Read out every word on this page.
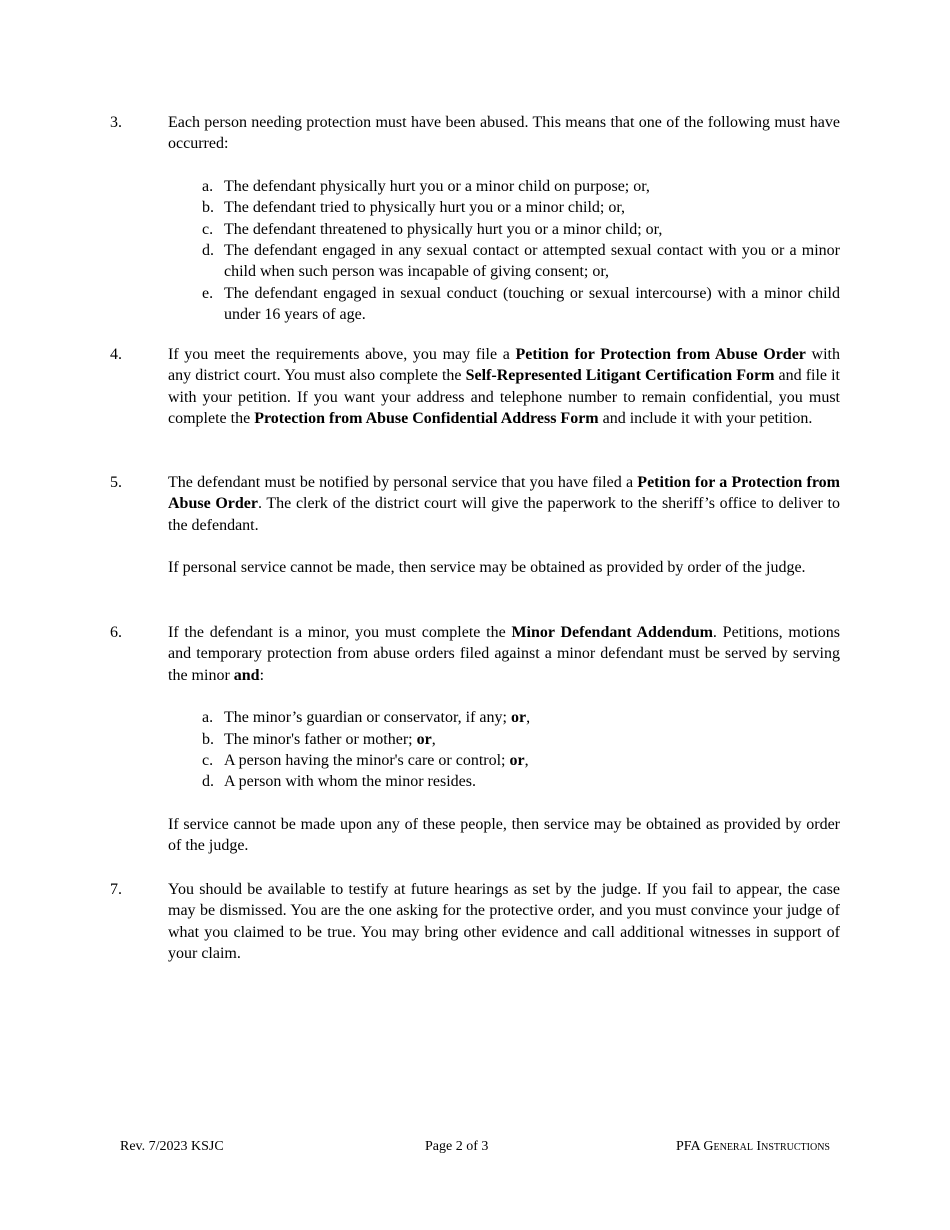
3.	Each person needing protection must have been abused. This means that one of the following must have occurred:

a. The defendant physically hurt you or a minor child on purpose; or,
b. The defendant tried to physically hurt you or a minor child; or,
c. The defendant threatened to physically hurt you or a minor child; or,
d. The defendant engaged in any sexual contact or attempted sexual contact with you or a minor child when such person was incapable of giving consent; or,
e. The defendant engaged in sexual conduct (touching or sexual intercourse) with a minor child under 16 years of age.
4.	If you meet the requirements above, you may file a Petition for Protection from Abuse Order with any district court. You must also complete the Self-Represented Litigant Certification Form and file it with your petition. If you want your address and telephone number to remain confidential, you must complete the Protection from Abuse Confidential Address Form and include it with your petition.

5.	The defendant must be notified by personal service that you have filed a Petition for a Protection from Abuse Order. The clerk of the district court will give the paperwork to the sheriff’s office to deliver to the defendant.

If personal service cannot be made, then service may be obtained as provided by order of the judge.

6.	If the defendant is a minor, you must complete the Minor Defendant Addendum. Petitions, motions and temporary protection from abuse orders filed against a minor defendant must be served by serving the minor and:

a. The minor’s guardian or conservator, if any; or,
b. The minor's father or mother; or,
c. A person having the minor's care or control; or,
d. A person with whom the minor resides.

If service cannot be made upon any of these people, then service may be obtained as provided by order of the judge.

7.	You should be available to testify at future hearings as set by the judge. If you fail to appear, the case may be dismissed. You are the one asking for the protective order, and you must convince your judge of what you claimed to be true. You may bring other evidence and call additional witnesses in support of your claim.

Rev. 7/2023 KSJC	Page 2 of 3	PFA General Instructions
